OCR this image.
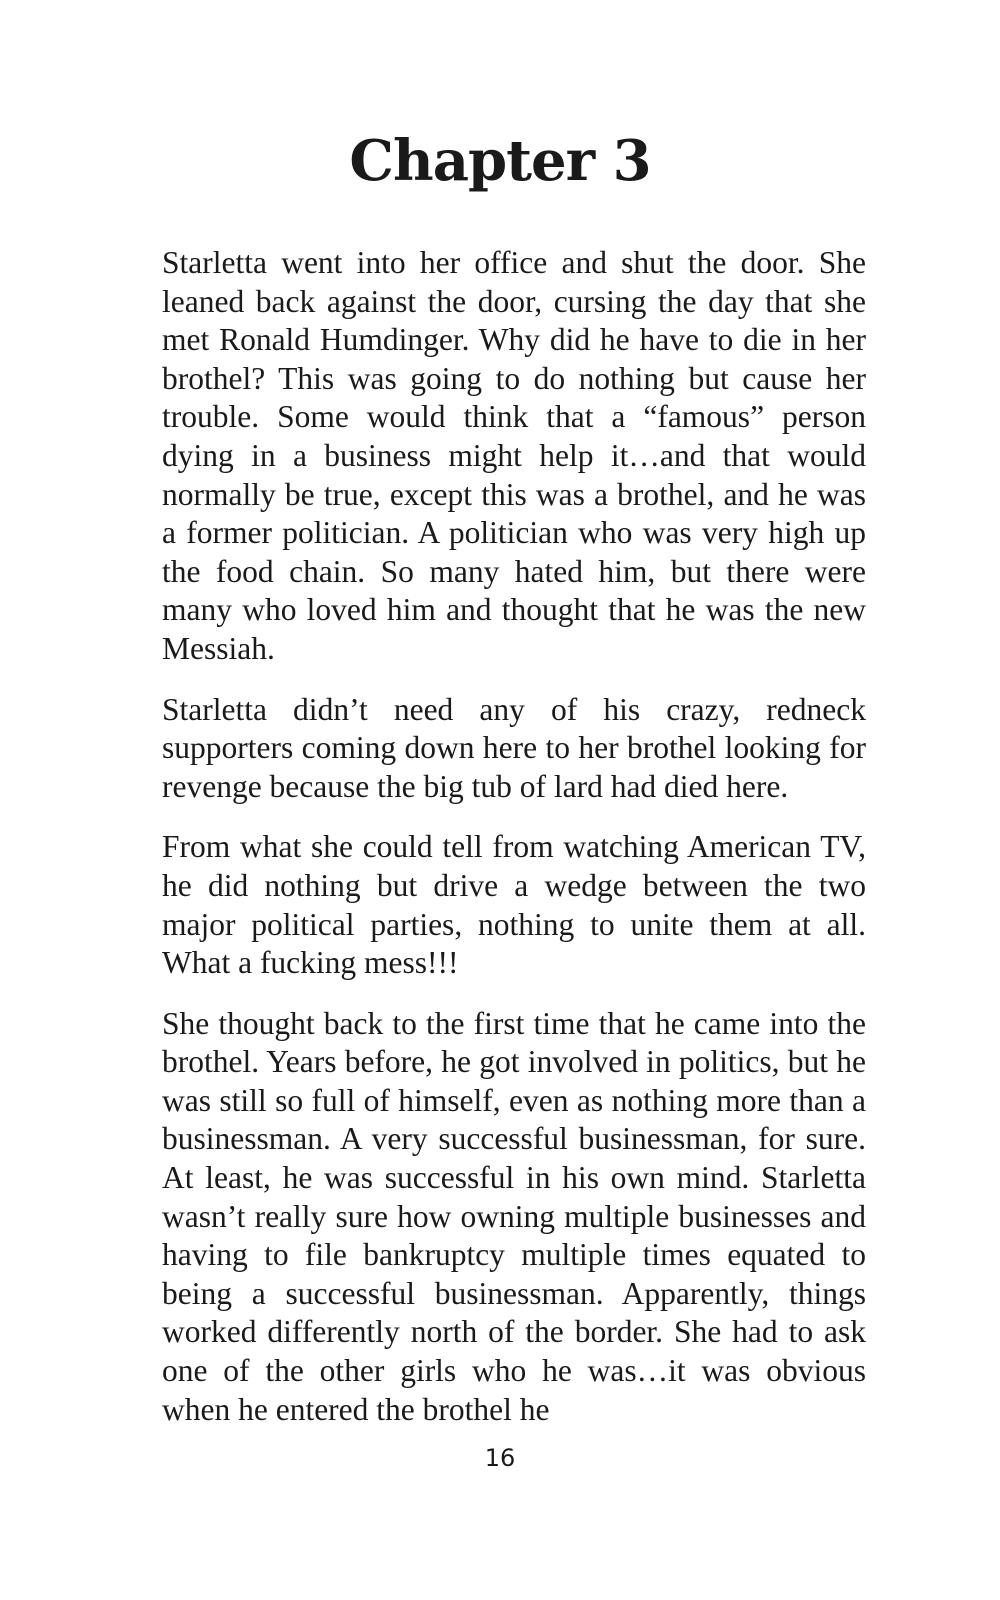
Chapter 3

Starletta went into her office and shut the door. She leaned back against the door, cursing the day that she met Ronald Humdinger. Why did he have to die in her brothel? This was going to do nothing but cause her trouble. Some would think that a “famous” person dying in a business might help it…and that would normally be true, except this was a brothel, and he was a former politician. A politician who was very high up the food chain. So many hated him, but there were many who loved him and thought that he was the new Messiah.

Starletta didn’t need any of his crazy, redneck supporters coming down here to her brothel looking for revenge because the big tub of lard had died here.

From what she could tell from watching American TV, he did nothing but drive a wedge between the two major political parties, nothing to unite them at all. What a fucking mess!!!

She thought back to the first time that he came into the brothel. Years before, he got involved in politics, but he was still so full of himself, even as nothing more than a businessman. A very successful businessman, for sure. At least, he was successful in his own mind. Starletta wasn’t really sure how owning multiple businesses and having to file bankruptcy multiple times equated to being a successful businessman. Apparently, things worked differently north of the border. She had to ask one of the other girls who he was…it was obvious when he entered the brothel he

16
